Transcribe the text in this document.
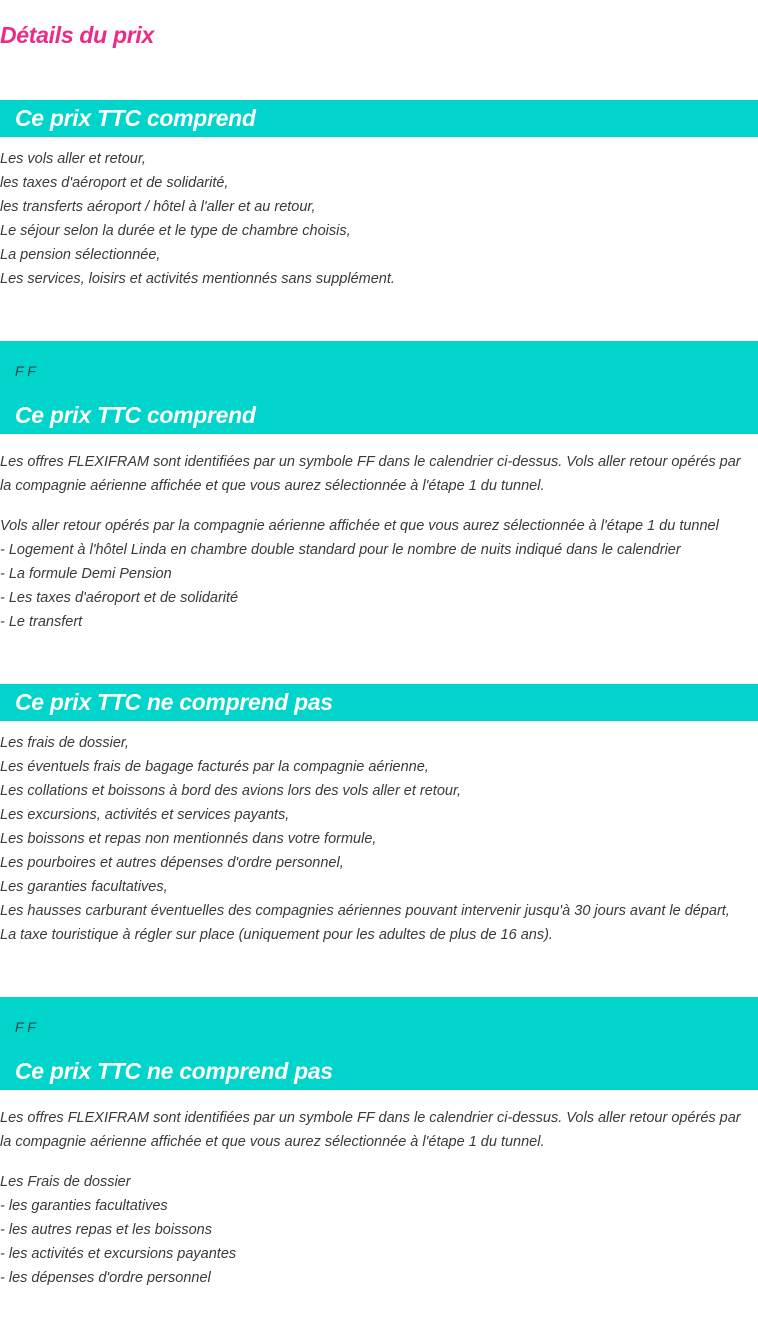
Détails du prix
Ce prix TTC comprend
Les vols aller et retour,
les taxes d'aéroport et de solidarité,
les transferts aéroport / hôtel à l'aller et au retour,
Le séjour selon la durée et le type de chambre choisis,
La pension sélectionnée,
Les services, loisirs et activités mentionnés sans supplément.
F F
Ce prix TTC comprend

Les offres FLEXIFRAM sont identifiées par un symbole FF dans le calendrier ci-dessus. Vols aller retour opérés par la compagnie aérienne affichée et que vous aurez sélectionnée à l'étape 1 du tunnel.

Vols aller retour opérés par la compagnie aérienne affichée et que vous aurez sélectionnée à l'étape 1 du tunnel
- Logement à l'hôtel Linda en chambre double standard pour le nombre de nuits indiqué dans le calendrier
- La formule Demi Pension
- Les taxes d'aéroport et de solidarité
- Le transfert
Ce prix TTC ne comprend pas
Les frais de dossier,
Les éventuels frais de bagage facturés par la compagnie aérienne,
Les collations et boissons à bord des avions lors des vols aller et retour,
Les excursions, activités et services payants,
Les boissons et repas non mentionnés dans votre formule,
Les pourboires et autres dépenses d'ordre personnel,
Les garanties facultatives,
Les hausses carburant éventuelles des compagnies aériennes pouvant intervenir jusqu'à 30 jours avant le départ,
La taxe touristique à régler sur place (uniquement pour les adultes de plus de 16 ans).
F F
Ce prix TTC ne comprend pas

Les offres FLEXIFRAM sont identifiées par un symbole FF dans le calendrier ci-dessus. Vols aller retour opérés par la compagnie aérienne affichée et que vous aurez sélectionnée à l'étape 1 du tunnel.

Les Frais de dossier
- les garanties facultatives
- les autres repas et les boissons
- les activités et excursions payantes
- les dépenses d'ordre personnel
